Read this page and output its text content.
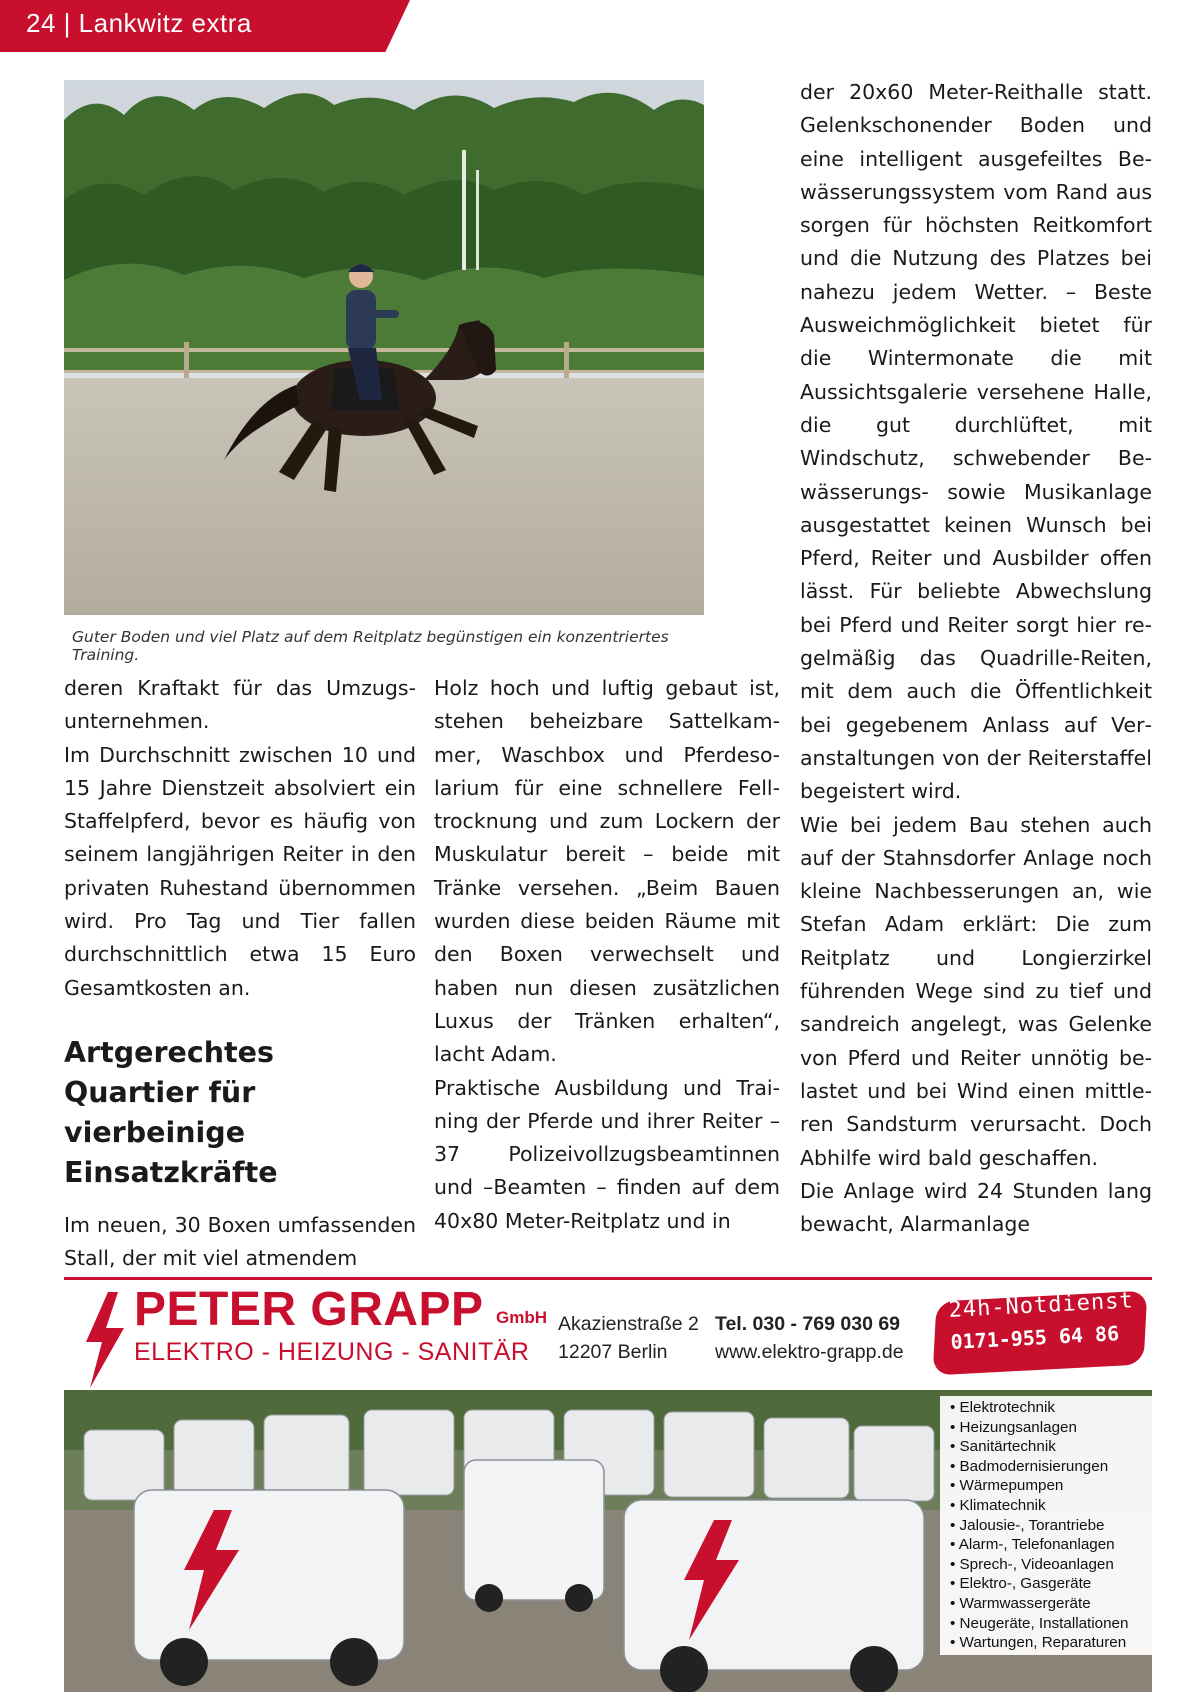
24 | Lankwitz extra
Guter Boden und viel Platz auf dem Reitplatz begünstigen ein konzentriertes Training.

deren Kraftakt für das Umzugsunternehmen.

Im Durchschnitt zwischen 10 und 15 Jahre Dienstzeit absolviert ein Staffelpferd, bevor es häufig von seinem langjährigen Reiter in den privaten Ruhestand übernommen wird. Pro Tag und Tier fallen durchschnittlich etwa 15 Euro Gesamtkosten an.

Artgerechtes Quartier für vierbeinige Einsatzkräfte

Im neuen, 30 Boxen umfassenden Stall, der mit viel atmendem

Holz hoch und luftig gebaut ist, stehen beheizbare Sattelkammer, Waschbox und Pferdesolarium für eine schnellere Felltrocknung und zum Lockern der Muskulatur bereit – beide mit Tränke versehen. „Beim Bauen wurden diese beiden Räume mit den Boxen verwechselt und haben nun diesen zusätzlichen Luxus der Tränken erhalten“, lacht Adam.

Praktische Ausbildung und Training der Pferde und ihrer Reiter – 37 Polizeivollzugsbeamtinnen und –Beamten – finden auf dem 40x80 Meter-Reitplatz und in

der 20x60 Meter-Reithalle statt. Gelenkschonender Boden und eine intelligent ausgefeiltes Bewässerungssystem vom Rand aus sorgen für höchsten Reitkomfort und die Nutzung des Platzes bei nahezu jedem Wetter. – Beste Ausweichmöglichkeit bietet für die Wintermonate die mit Aussichtsgalerie versehene Halle, die gut durchlüftet, mit Windschutz, schwebender Bewässerungs- sowie Musikanlage ausgestattet keinen Wunsch bei Pferd, Reiter und Ausbilder offen lässt. Für beliebte Abwechslung bei Pferd und Reiter sorgt hier regelmäßig das Quadrille-Reiten, mit dem auch die Öffentlichkeit bei gegebenem Anlass auf Veranstaltungen von der Reiterstaffel begeistert wird.

Wie bei jedem Bau stehen auch auf der Stahnsdorfer Anlage noch kleine Nachbesserungen an, wie Stefan Adam erklärt: Die zum Reitplatz und Longierzirkel führenden Wege sind zu tief und sandreich angelegt, was Gelenke von Pferd und Reiter unnötig belastet und bei Wind einen mittleren Sandsturm verursacht. Doch Abhilfe wird bald geschaffen.

Die Anlage wird 24 Stunden lang bewacht, Alarmanlage

PETER GRAPP GmbH
ELEKTRO - HEIZUNG - SANITÄR
Akazienstraße 2
12207 Berlin
Tel. 030 - 769 030 69
www.elektro-grapp.de
24h-Notdienst
0171-955 64 86
• Elektrotechnik
• Heizungsanlagen
• Sanitärtechnik
• Badmodernisierungen
• Wärmepumpen
• Klimatechnik
• Jalousie-, Torantriebe
• Alarm-, Telefonanlagen
• Sprech-, Videoanlagen
• Elektro-, Gasgeräte
• Warmwassergeräte
• Neugeräte, Installationen
• Wartungen, Reparaturen
